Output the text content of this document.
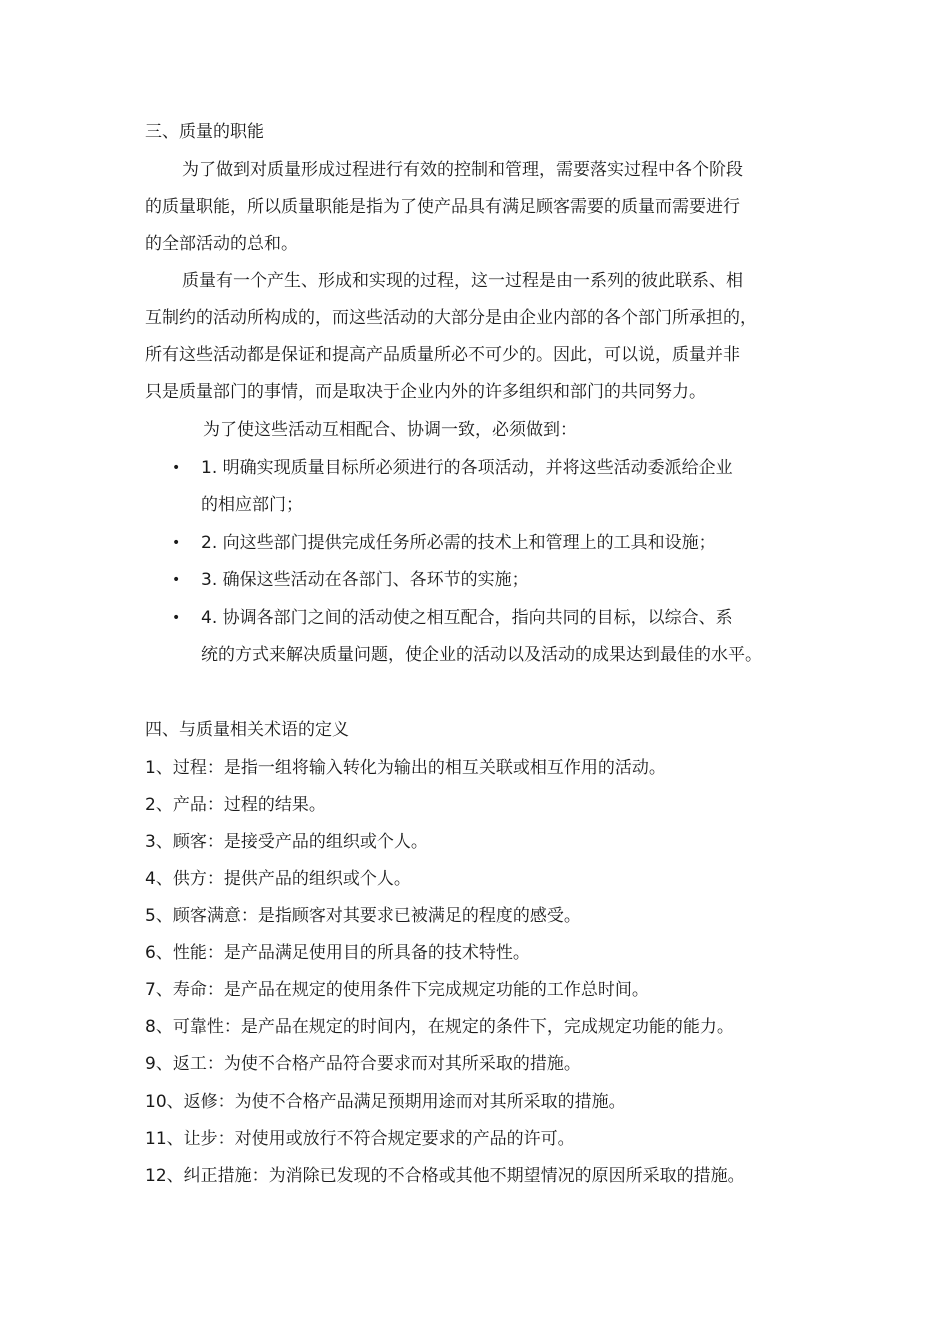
三、质量的职能
为了做到对质量形成过程进行有效的控制和管理，需要落实过程中各个阶段
的质量职能，所以质量职能是指为了使产品具有满足顾客需要的质量而需要进行
的全部活动的总和。
质量有一个产生、形成和实现的过程，这一过程是由一系列的彼此联系、相
互制约的活动所构成的，而这些活动的大部分是由企业内部的各个部门所承担的，
所有这些活动都是保证和提高产品质量所必不可少的。因此，可以说，质量并非
只是质量部门的事情，而是取决于企业内外的许多组织和部门的共同努力。
为了使这些活动互相配合、协调一致，必须做到：
• 1. 明确实现质量目标所必须进行的各项活动，并将这些活动委派给企业
的相应部门；
• 2. 向这些部门提供完成任务所必需的技术上和管理上的工具和设施；
• 3. 确保这些活动在各部门、各环节的实施；
• 4. 协调各部门之间的活动使之相互配合，指向共同的目标，以综合、系
统的方式来解决质量问题，使企业的活动以及活动的成果达到最佳的水平。
四、与质量相关术语的定义
1、过程：是指一组将输入转化为输出的相互关联或相互作用的活动。
2、产品：过程的结果。
3、顾客：是接受产品的组织或个人。
4、供方：提供产品的组织或个人。
5、顾客满意：是指顾客对其要求已被满足的程度的感受。
6、性能：是产品满足使用目的所具备的技术特性。
7、寿命：是产品在规定的使用条件下完成规定功能的工作总时间。
8、可靠性：是产品在规定的时间内，在规定的条件下，完成规定功能的能力。
9、返工：为使不合格产品符合要求而对其所采取的措施。
10、返修：为使不合格产品满足预期用途而对其所采取的措施。
11、让步：对使用或放行不符合规定要求的产品的许可。
12、纠正措施：为消除已发现的不合格或其他不期望情况的原因所采取的措施。
